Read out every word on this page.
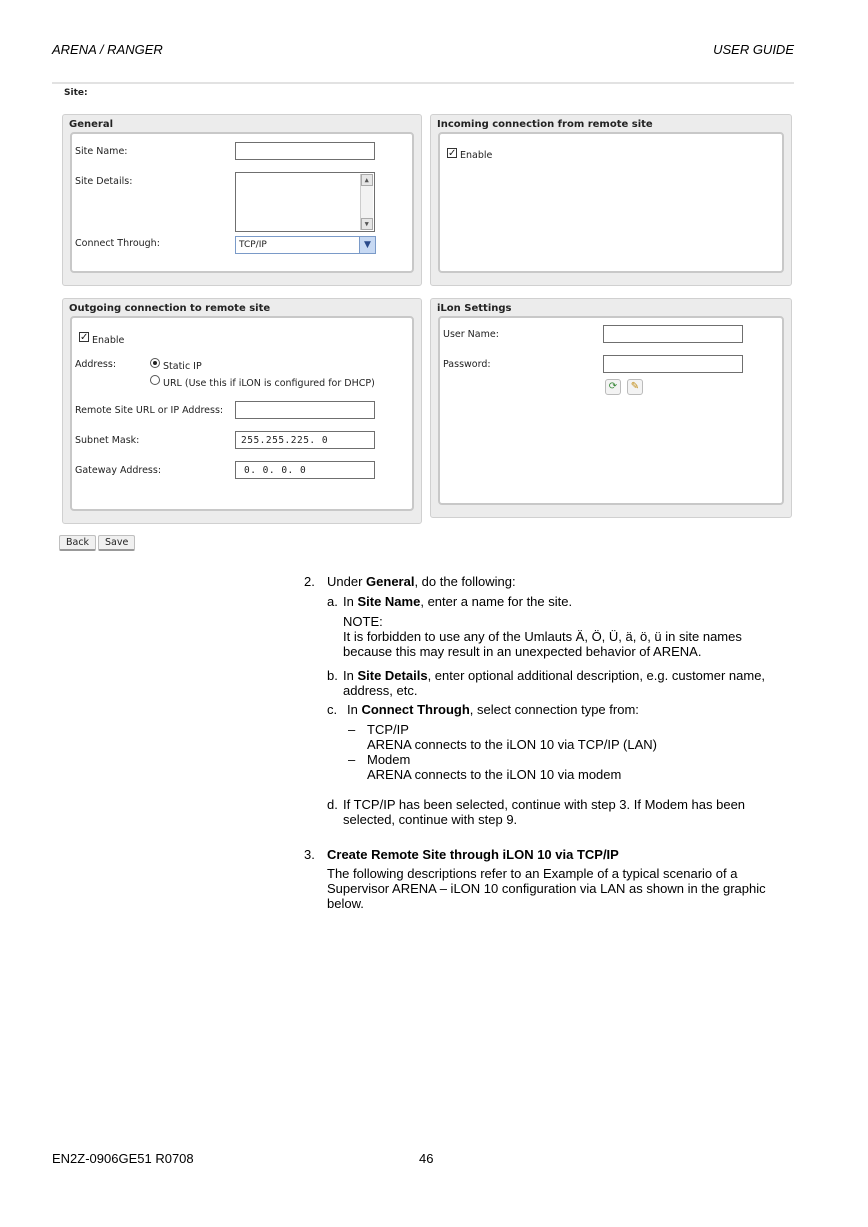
ARENA / RANGER	USER GUIDE
Site:
General
Site Name:
Site Details:	▲
▼
Connect Through:	TCP/IP	▼
Incoming connection from remote site
✓ Enable
Outgoing connection to remote site
✓ Enable
Address:	Static IP
URL (Use this if iLON is configured for DHCP)
Remote Site URL or IP Address:
Subnet Mask:	255.255.225. 0
Gateway Address:	0. 0. 0. 0
iLon Settings
User Name:
Password:
⟳	✎
Back	Save
2. Under General, do the following:
a. In Site Name, enter a name for the site.
NOTE:
It is forbidden to use any of the Umlauts Ä, Ö, Ü, ä, ö, ü in site names
because this may result in an unexpected behavior of ARENA.
b. In Site Details, enter optional additional description, e.g. customer name,
address, etc.
c. In Connect Through, select connection type from:
– TCP/IP
ARENA connects to the iLON 10 via TCP/IP (LAN)
– Modem
ARENA connects to the iLON 10 via modem
d. If TCP/IP has been selected, continue with step 3. If Modem has been
selected, continue with step 9.
3. Create Remote Site through iLON 10 via TCP/IP
The following descriptions refer to an Example of a typical scenario of a
Supervisor ARENA – iLON 10 configuration via LAN as shown in the graphic
below.
EN2Z-0906GE51 R0708	46
